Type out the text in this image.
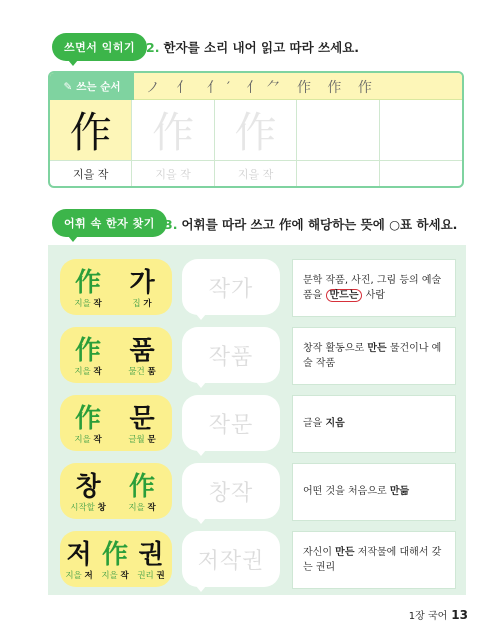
쓰면서 익히기 2. 한자를 소리 내어 읽고 따라 쓰세요.
✎ 쓰는 순서 ノ 亻 亻′ 亻⺈ 作 作 作
作 作 作
지을 작	지을 작	지을 작
어휘 속 한자 찾기 3. 어휘를 따라 쓰고 作에 해당하는 뜻에 ○표 하세요.
作	가
지을 작	집 가
작가	문학 작품, 사진, 그림 등의 예술품을 만드는 사람
作	품
지을 작	물건 품
작품	창작 활동으로 만든 물건이나 예술 작품
作	문
지을 작	글월 문
작문	글을 지음
창	作
시작할 창	지을 작
창작	어떤 것을 처음으로 만듦
저 作 권
지을 저	지을 작	권리 권
저작권	자신이 만든 저작물에 대해서 갖는 권리
1장 국어 13
